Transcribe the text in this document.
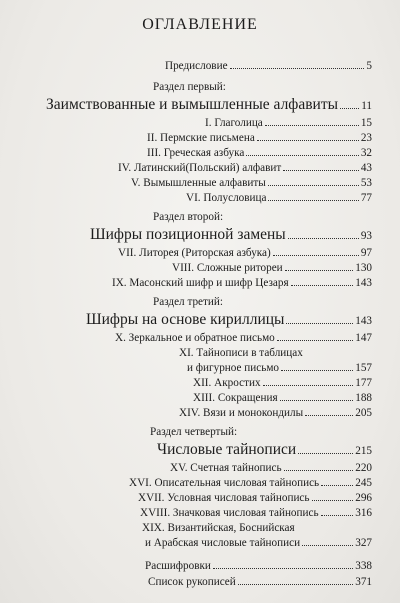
ОГЛАВЛЕНИЕ
Предисловие	5
Раздел первый:
Заимствованные и вымышленные алфавиты 11
I. Глаголица	15
II. Пермские письмена	23
III. Греческая азбука	32
IV. Латинский(Польский) алфавит	43
V. Вымышленные алфавиты	53
VI. Полусловица	77
Раздел второй:
Шифры позиционной замены	93
VII. Литорея (Риторская азбука)	97
VIII. Сложные ритореи	130
IX. Масонский шифр и шифр Цезаря	143
Раздел третий:
Шифры на основе кириллицы	143
X. Зеркальное и обратное письмо	147
XI. Тайнописи в таблицах
и фигурное письмо	157
XII. Акростих	177
XIII. Сокращения	188
XIV. Вязи и монокондилы	205
Раздел четвертый:
Числовые тайнописи	215
XV. Счетная тайнопись	220
XVI. Описательная числовая тайнопись	245
XVII. Условная числовая тайнопись	296
XVIII. Значковая числовая тайнопись	316
XIX. Византийская, Боснийская
и Арабская числовые тайнописи	327
Расшифровки	338
Список рукописей	371
